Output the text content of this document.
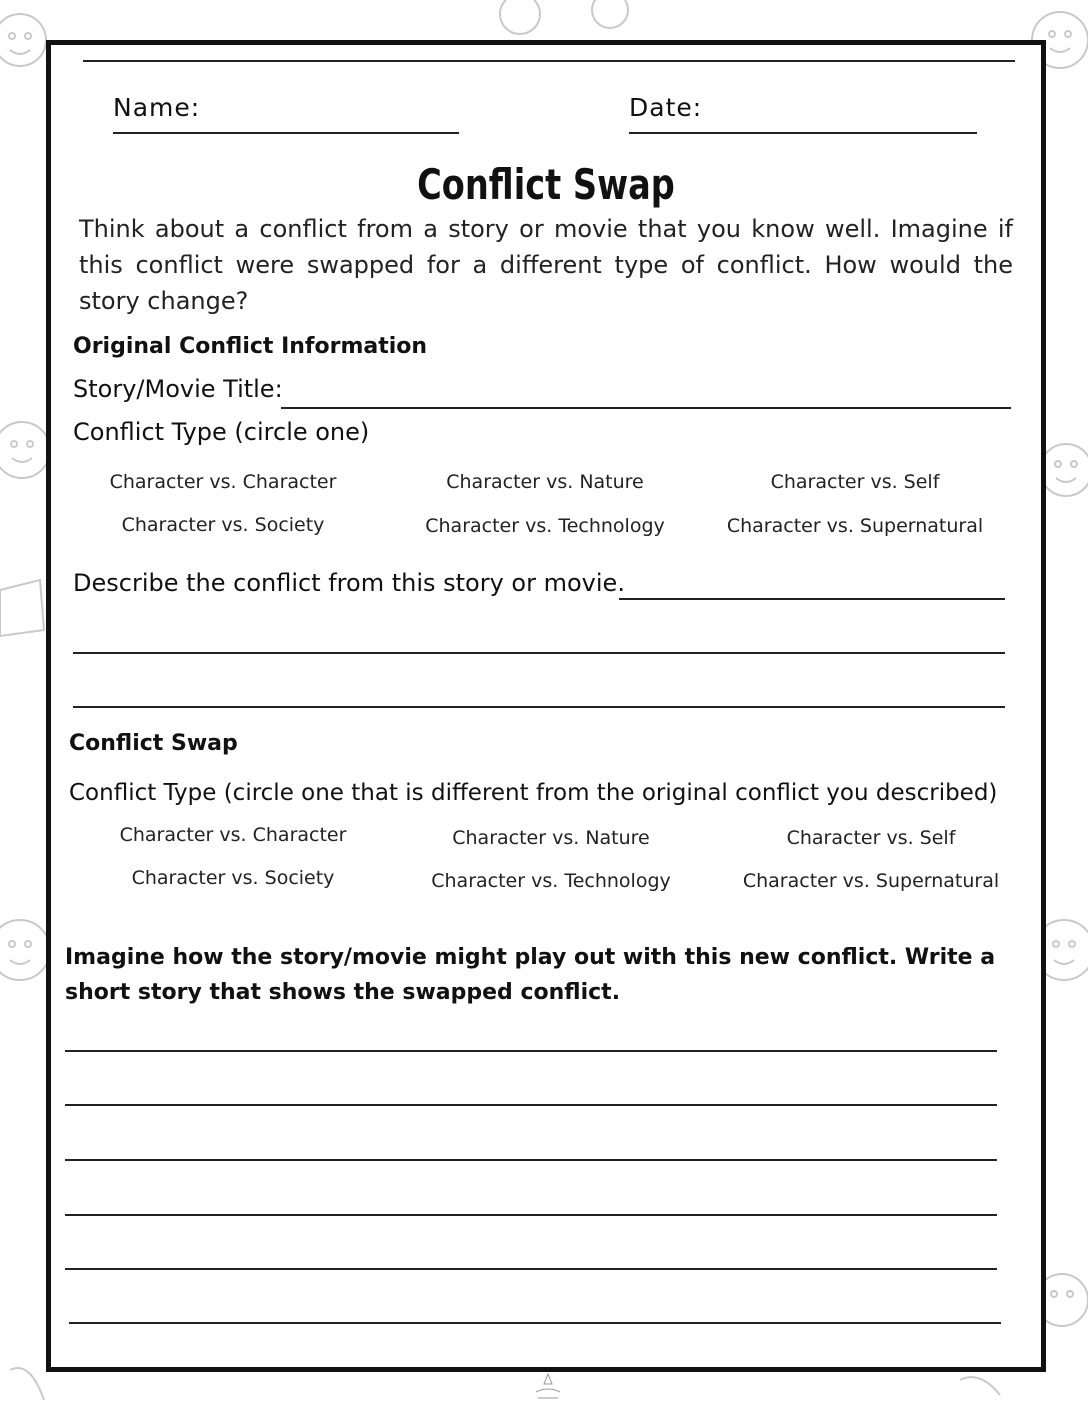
Name:	Date:
Conflict Swap
Think about a conflict from a story or movie that you know well. Imagine if this conflict were swapped for a different type of conflict. How would the story change?
Original Conflict Information
Story/Movie Title:
Conflict Type (circle one)
Character vs. Character	Character vs. Nature	Character vs. Self
Character vs. Society	Character vs. Technology	Character vs. Supernatural
Describe the conflict from this story or movie.
Conflict Swap
Conflict Type (circle one that is different from the original conflict you described)
Character vs. Character	Character vs. Nature	Character vs. Self
Character vs. Society	Character vs. Technology	Character vs. Supernatural
Imagine how the story/movie might play out with this new conflict. Write a short story that shows the swapped conflict.
